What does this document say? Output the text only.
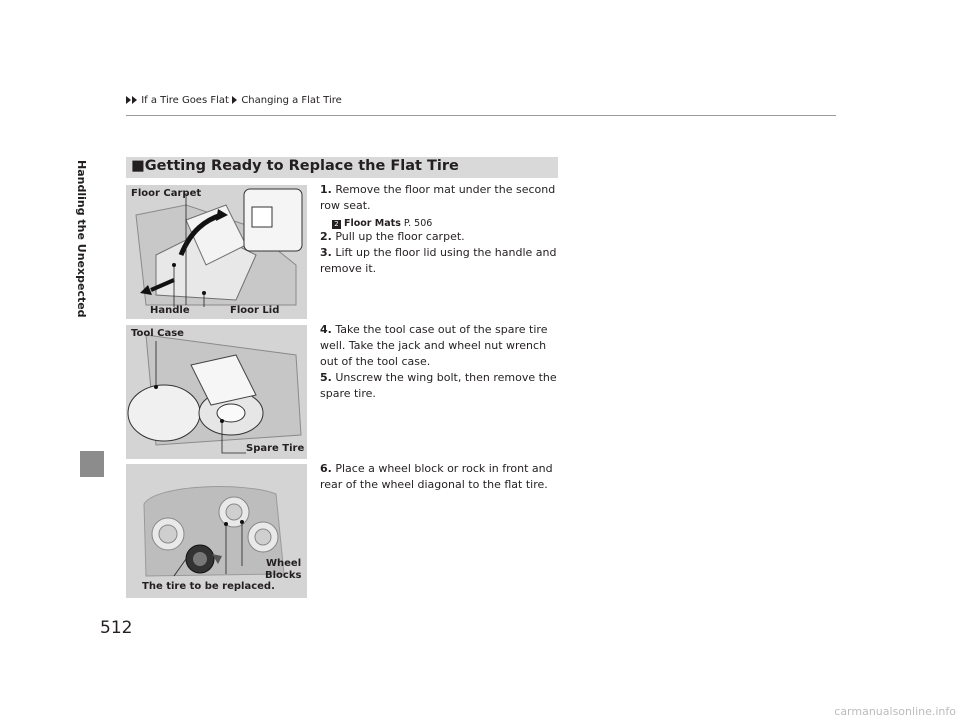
If a Tire Goes Flat Changing a Flat Tire
Handling the Unexpected
512
■Getting Ready to Replace the Flat Tire
Floor Carpet
Handle	Floor Lid
Tool Case
Spare Tire
Wheel
Blocks
The tire to be replaced.
1. Remove the floor mat under the second row seat.
2 Floor Mats P. 506
2. Pull up the floor carpet.
3. Lift up the floor lid using the handle and remove it.
4. Take the tool case out of the spare tire well. Take the jack and wheel nut wrench out of the tool case.
5. Unscrew the wing bolt, then remove the spare tire.
6. Place a wheel block or rock in front and rear of the wheel diagonal to the flat tire.
carmanualsonline.info
